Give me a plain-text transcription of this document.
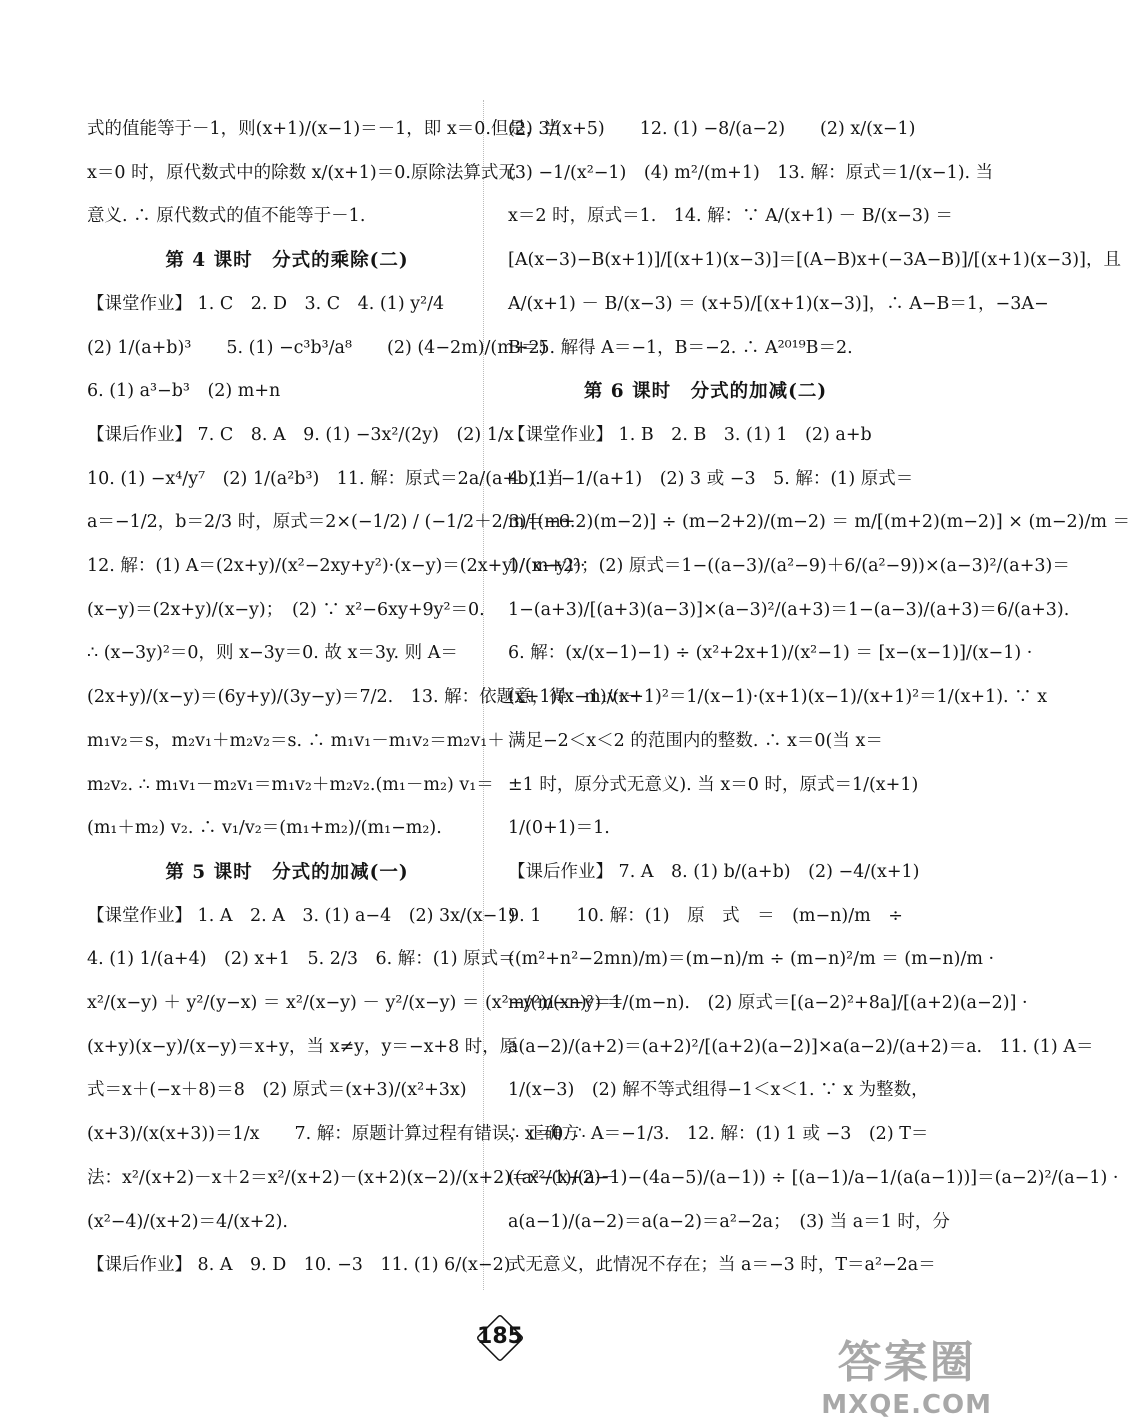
式的值能等于－1，则(x+1)/(x−1)＝－1，即 x＝0.但是，当
x＝0 时，原代数式中的除数 x/(x+1)＝0.原除法算式无
意义. ∴ 原代数式的值不能等于－1.
第 4 课时　分式的乘除(二)
【课堂作业】 1. C　2. D　3. C　4. (1) y²/4
(2) 1/(a+b)³　　5. (1) −c³b³/a⁸　　(2) (4−2m)/(m+2)
6. (1) a³−b³　(2) m+n
【课后作业】 7. C　8. A　9. (1) −3x²/(2y)　(2) 1/x
10. (1) −x⁴/y⁷　(2) 1/(a²b³)　11. 解：原式＝2a/(a+b). 当
a＝−1/2，b＝2/3 时，原式＝2×(−1/2) / (−1/2＋2/3)＝−6.
12. 解：(1) A＝(2x+y)/(x²−2xy+y²)·(x−y)＝(2x+y)/(x−y)²·
(x−y)＝(2x+y)/(x−y)；　(2) ∵ x²−6xy+9y²＝0.
∴ (x−3y)²＝0，则 x−3y＝0. 故 x＝3y. 则 A＝
(2x+y)/(x−y)＝(6y+y)/(3y−y)＝7/2.　13. 解：依题意，得：m₁v₁－
m₁v₂＝s，m₂v₁＋m₂v₂＝s. ∴ m₁v₁－m₁v₂＝m₂v₁＋
m₂v₂. ∴ m₁v₁－m₂v₁＝m₁v₂＋m₂v₂.(m₁－m₂) v₁＝
(m₁＋m₂) v₂. ∴ v₁/v₂＝(m₁+m₂)/(m₁−m₂).
第 5 课时　分式的加减(一)
【课堂作业】 1. A　2. A　3. (1) a−4　(2) 3x/(x−1)
4. (1) 1/(a+4)　(2) x+1　5. 2/3　6. 解：(1) 原式＝
x²/(x−y) ＋ y²/(y−x) ＝ x²/(x−y) － y²/(x−y) ＝ (x²−y²)/(x−y) ＝
(x+y)(x−y)/(x−y)＝x+y，当 x≠y，y＝−x+8 时，原
式＝x＋(−x＋8)＝8　(2) 原式＝(x+3)/(x²+3x)
(x+3)/(x(x+3))＝1/x　　7. 解：原题计算过程有错误，正确方
法：x²/(x+2)－x＋2＝x²/(x+2)－(x+2)(x−2)/(x+2)＝x²/(x+2)－
(x²−4)/(x+2)＝4/(x+2).
【课后作业】 8. A　9. D　10. −3　11. (1) 6/(x−2)
(2) 3/(x+5)　　12. (1) −8/(a−2)　　(2) x/(x−1)
(3) −1/(x²−1)　(4) m²/(m+1)　13. 解：原式＝1/(x−1). 当
x＝2 时，原式＝1.　14. 解：∵ A/(x+1) － B/(x−3) ＝
[A(x−3)−B(x+1)]/[(x+1)(x−3)]＝[(A−B)x+(−3A−B)]/[(x+1)(x−3)]，且
A/(x+1) － B/(x−3) ＝ (x+5)/[(x+1)(x−3)]，∴ A−B＝1，−3A−
B＝5. 解得 A＝−1，B＝−2. ∴ A²⁰¹⁹B＝2.
第 6 课时　分式的加减(二)
【课堂作业】 1. B　2. B　3. (1) 1　(2) a+b
4. (1) −1/(a+1)　(2) 3 或 −3　5. 解：(1) 原式＝
m/[(m+2)(m−2)] ÷ (m−2+2)/(m−2) ＝ m/[(m+2)(m−2)] × (m−2)/m ＝
1/(m+2)；(2) 原式＝1−((a−3)/(a²−9)＋6/(a²−9))×(a−3)²/(a+3)＝
1−(a+3)/[(a+3)(a−3)]×(a−3)²/(a+3)＝1−(a−3)/(a+3)＝6/(a+3).
6. 解：(x/(x−1)−1) ÷ (x²+2x+1)/(x²−1) ＝ [x−(x−1)]/(x−1) ·
(x+1)(x−1)/(x+1)²＝1/(x−1)·(x+1)(x−1)/(x+1)²＝1/(x+1). ∵ x
满足−2＜x＜2 的范围内的整数. ∴ x＝0(当 x＝
±1 时，原分式无意义). 当 x＝0 时，原式＝1/(x+1)
1/(0+1)＝1.
【课后作业】 7. A　8. (1) b/(a+b)　(2) −4/(x+1)
9. 1　　10. 解：(1)　原　式　＝　(m−n)/m　÷
((m²+n²−2mn)/m)＝(m−n)/m ÷ (m−n)²/m ＝ (m−n)/m ·
m/(m−n)²＝1/(m−n).　(2) 原式＝[(a−2)²+8a]/[(a+2)(a−2)] ·
a(a−2)/(a+2)＝(a+2)²/[(a+2)(a−2)]×a(a−2)/(a+2)＝a.　11. (1) A＝
1/(x−3)　(2) 解不等式组得−1＜x＜1. ∵ x 为整数，
∴ x＝0. ∴ A＝−1/3.　12. 解：(1) 1 或 −3　(2) T＝
((a²−1)/(a−1)−(4a−5)/(a−1)) ÷ [(a−1)/a−1/(a(a−1))]＝(a−2)²/(a−1) ·
a(a−1)/(a−2)＝a(a−2)＝a²−2a；　(3) 当 a＝1 时，分
式无意义，此情况不存在；当 a＝−3 时，T＝a²−2a＝
185
答案圈
MXQE.COM
